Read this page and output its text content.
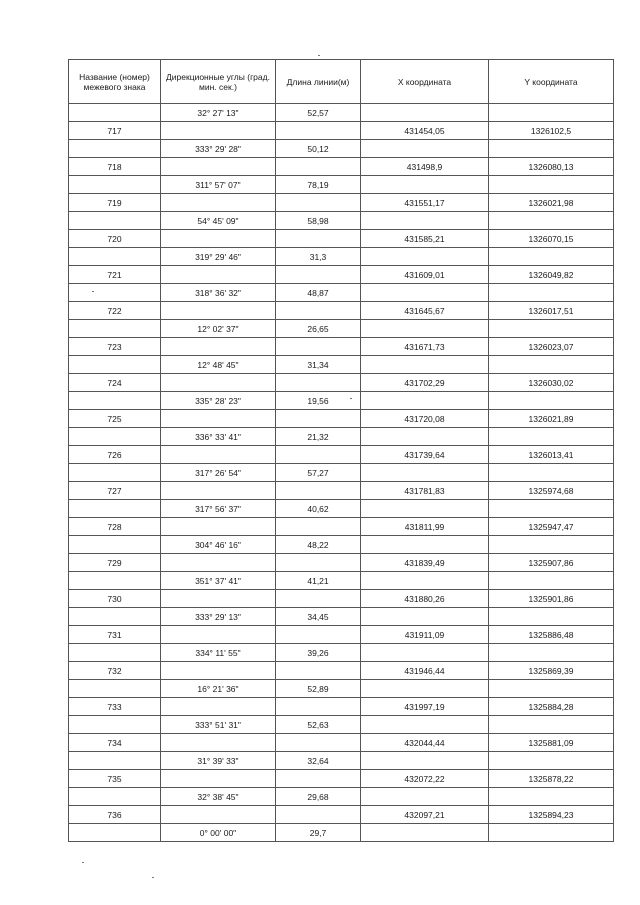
Название (номер) межевого знака	Дирекционные углы (град. мин. сек.)	Длина линии(м)	X координата	Y координата
	32° 27' 13"	52,57		
717			431454,05	1326102,5
	333° 29' 28"	50,12		
718			431498,9	1326080,13
	311° 57' 07"	78,19		
719			431551,17	1326021,98
	54° 45' 09"	58,98		
720			431585,21	1326070,15
	319° 29' 46"	31,3		
721			431609,01	1326049,82
	318° 36' 32"	48,87		
722			431645,67	1326017,51
	12° 02' 37"	26,65		
723			431671,73	1326023,07
	12° 48' 45"	31,34		
724			431702,29	1326030,02
	335° 28' 23"	19,56		
725			431720,08	1326021,89
	336° 33' 41"	21,32		
726			431739,64	1326013,41
	317° 26' 54"	57,27		
727			431781,83	1325974,68
	317° 56' 37"	40,62		
728			431811,99	1325947,47
	304° 46' 16"	48,22		
729			431839,49	1325907,86
	351° 37' 41"	41,21		
730			431880,26	1325901,86
	333° 29' 13"	34,45		
731			431911,09	1325886,48
	334° 11' 55"	39,26		
732			431946,44	1325869,39
	16° 21' 36"	52,89		
733			431997,19	1325884,28
	333° 51' 31"	52,63		
734			432044,44	1325881,09
	31° 39' 33"	32,64		
735			432072,22	1325878,22
	32° 38' 45"	29,68		
736			432097,21	1325894,23
	0° 00' 00"	29,7		
